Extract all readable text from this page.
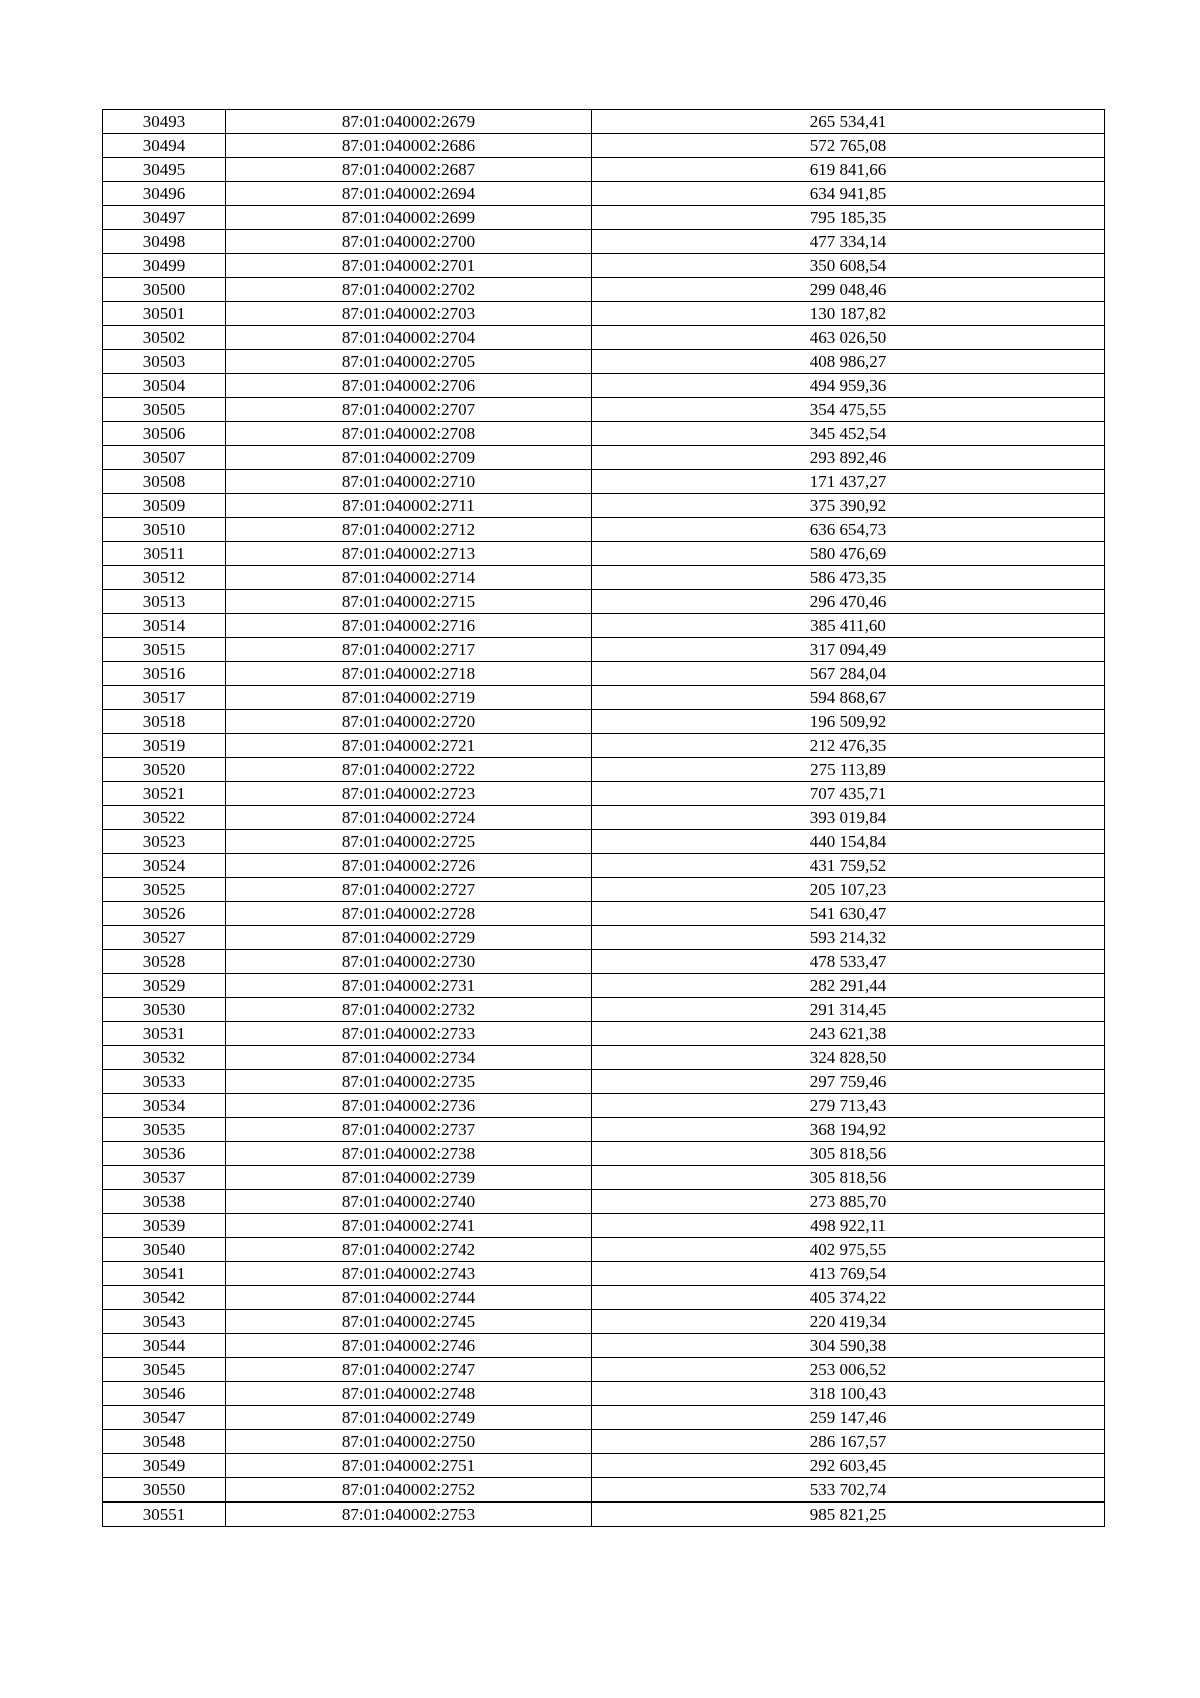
30493	87:01:040002:2679	265 534,41
30494	87:01:040002:2686	572 765,08
30495	87:01:040002:2687	619 841,66
30496	87:01:040002:2694	634 941,85
30497	87:01:040002:2699	795 185,35
30498	87:01:040002:2700	477 334,14
30499	87:01:040002:2701	350 608,54
30500	87:01:040002:2702	299 048,46
30501	87:01:040002:2703	130 187,82
30502	87:01:040002:2704	463 026,50
30503	87:01:040002:2705	408 986,27
30504	87:01:040002:2706	494 959,36
30505	87:01:040002:2707	354 475,55
30506	87:01:040002:2708	345 452,54
30507	87:01:040002:2709	293 892,46
30508	87:01:040002:2710	171 437,27
30509	87:01:040002:2711	375 390,92
30510	87:01:040002:2712	636 654,73
30511	87:01:040002:2713	580 476,69
30512	87:01:040002:2714	586 473,35
30513	87:01:040002:2715	296 470,46
30514	87:01:040002:2716	385 411,60
30515	87:01:040002:2717	317 094,49
30516	87:01:040002:2718	567 284,04
30517	87:01:040002:2719	594 868,67
30518	87:01:040002:2720	196 509,92
30519	87:01:040002:2721	212 476,35
30520	87:01:040002:2722	275 113,89
30521	87:01:040002:2723	707 435,71
30522	87:01:040002:2724	393 019,84
30523	87:01:040002:2725	440 154,84
30524	87:01:040002:2726	431 759,52
30525	87:01:040002:2727	205 107,23
30526	87:01:040002:2728	541 630,47
30527	87:01:040002:2729	593 214,32
30528	87:01:040002:2730	478 533,47
30529	87:01:040002:2731	282 291,44
30530	87:01:040002:2732	291 314,45
30531	87:01:040002:2733	243 621,38
30532	87:01:040002:2734	324 828,50
30533	87:01:040002:2735	297 759,46
30534	87:01:040002:2736	279 713,43
30535	87:01:040002:2737	368 194,92
30536	87:01:040002:2738	305 818,56
30537	87:01:040002:2739	305 818,56
30538	87:01:040002:2740	273 885,70
30539	87:01:040002:2741	498 922,11
30540	87:01:040002:2742	402 975,55
30541	87:01:040002:2743	413 769,54
30542	87:01:040002:2744	405 374,22
30543	87:01:040002:2745	220 419,34
30544	87:01:040002:2746	304 590,38
30545	87:01:040002:2747	253 006,52
30546	87:01:040002:2748	318 100,43
30547	87:01:040002:2749	259 147,46
30548	87:01:040002:2750	286 167,57
30549	87:01:040002:2751	292 603,45
30550	87:01:040002:2752	533 702,74
30551	87:01:040002:2753	985 821,25
